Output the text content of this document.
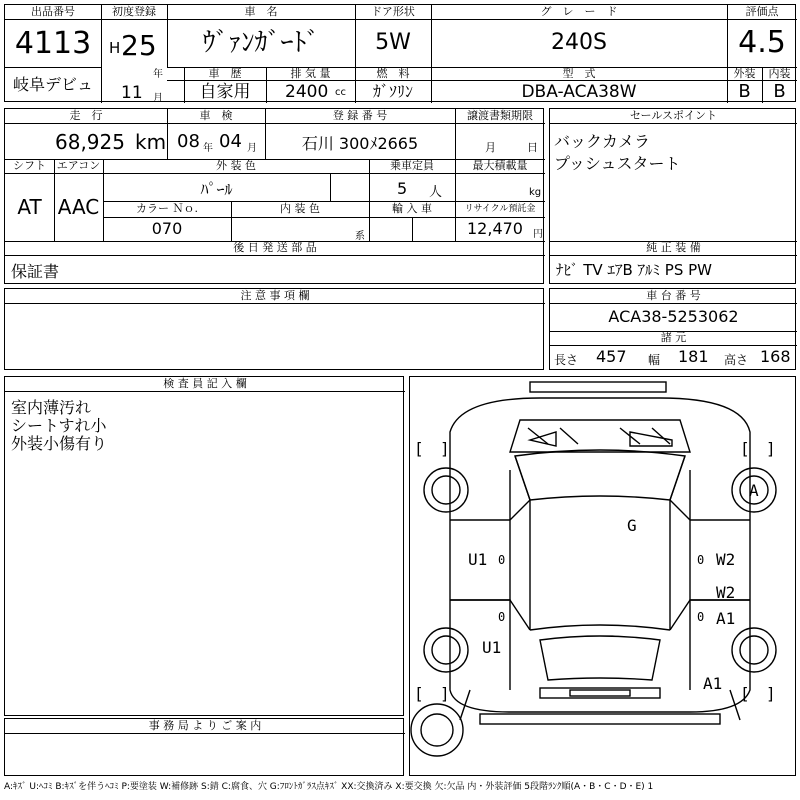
出品番号
4113
岐阜デビュ
初度登録
H 25
年
11 月
車　名
ｳﾞｧﾝｶﾞｰﾄﾞ
ドア形状
5W
グ　レ　ー　ド
240S
評価点
4.5
車　歴
自家用
排 気 量
2400 cc
燃　料
ｶﾞｿﾘﾝ
型　式
DBA-ACA38W
外装
B
内装
B
走　行
68,925 km
車　検
08 年 04 月
登 録 番 号
石川 300ﾒ2665
譲渡書類期限
月	日
シフト
AT
エアコン
AAC
外 装 色
ﾊﾟｰﾙ
乗車定員
5 人
最大積載量
kg
カラー Ｎｏ.
070
内 装 色
系
輸 入 車	リサイクル預託金
12,470 円
後 日 発 送 部 品
保証書
セールスポイント
バックカメラ
プッシュスタート
純 正 装 備
ﾅﾋﾞ TV ｴｱB ｱﾙﾐ PS PW
注 意 事 項 欄	車 台 番 号
ACA38-5253062
諸 元
長さ 457 幅 181 高さ 168
検 査 員 記 入 欄
室内薄汚れ
シートすれ小
外装小傷有り
事 務 局 よ り ご 案 内
[ ]	[ ]
[ ]	[ ]
A
G
U1	W2
W2
A1
U1
A1
0	0
0	0
A:ｷｽﾞ U:ﾍｺﾐ B:ｷｽﾞを伴うﾍｺﾐ P:要塗装 W:補修跡 S:錆 C:腐食、穴 G:ﾌﾛﾝﾄｶﾞﾗｽ点ｷｽﾞ XX:交換済み X:要交換 欠:欠品 内・外装評価 5段階ﾗﾝｸ順(A・B・C・D・E) 1
